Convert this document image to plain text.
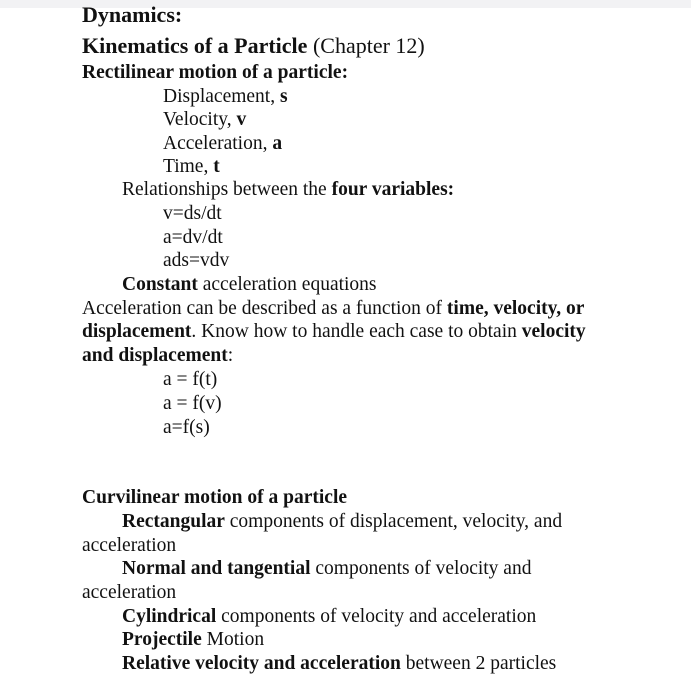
Dynamics:
Kinematics of a Particle (Chapter 12)
Rectilinear motion of a particle:
Displacement, s
Velocity, v
Acceleration, a
Time, t
Relationships between the four variables:
v=ds/dt
a=dv/dt
ads=vdv
Constant acceleration equations
Acceleration can be described as a function of time, velocity, or
displacement. Know how to handle each case to obtain velocity
and displacement:
a = f(t)
a = f(v)
a=f(s)
Curvilinear motion of a particle
Rectangular components of displacement, velocity, and
acceleration
Normal and tangential components of velocity and
acceleration
Cylindrical components of velocity and acceleration
Projectile Motion
Relative velocity and acceleration between 2 particles
